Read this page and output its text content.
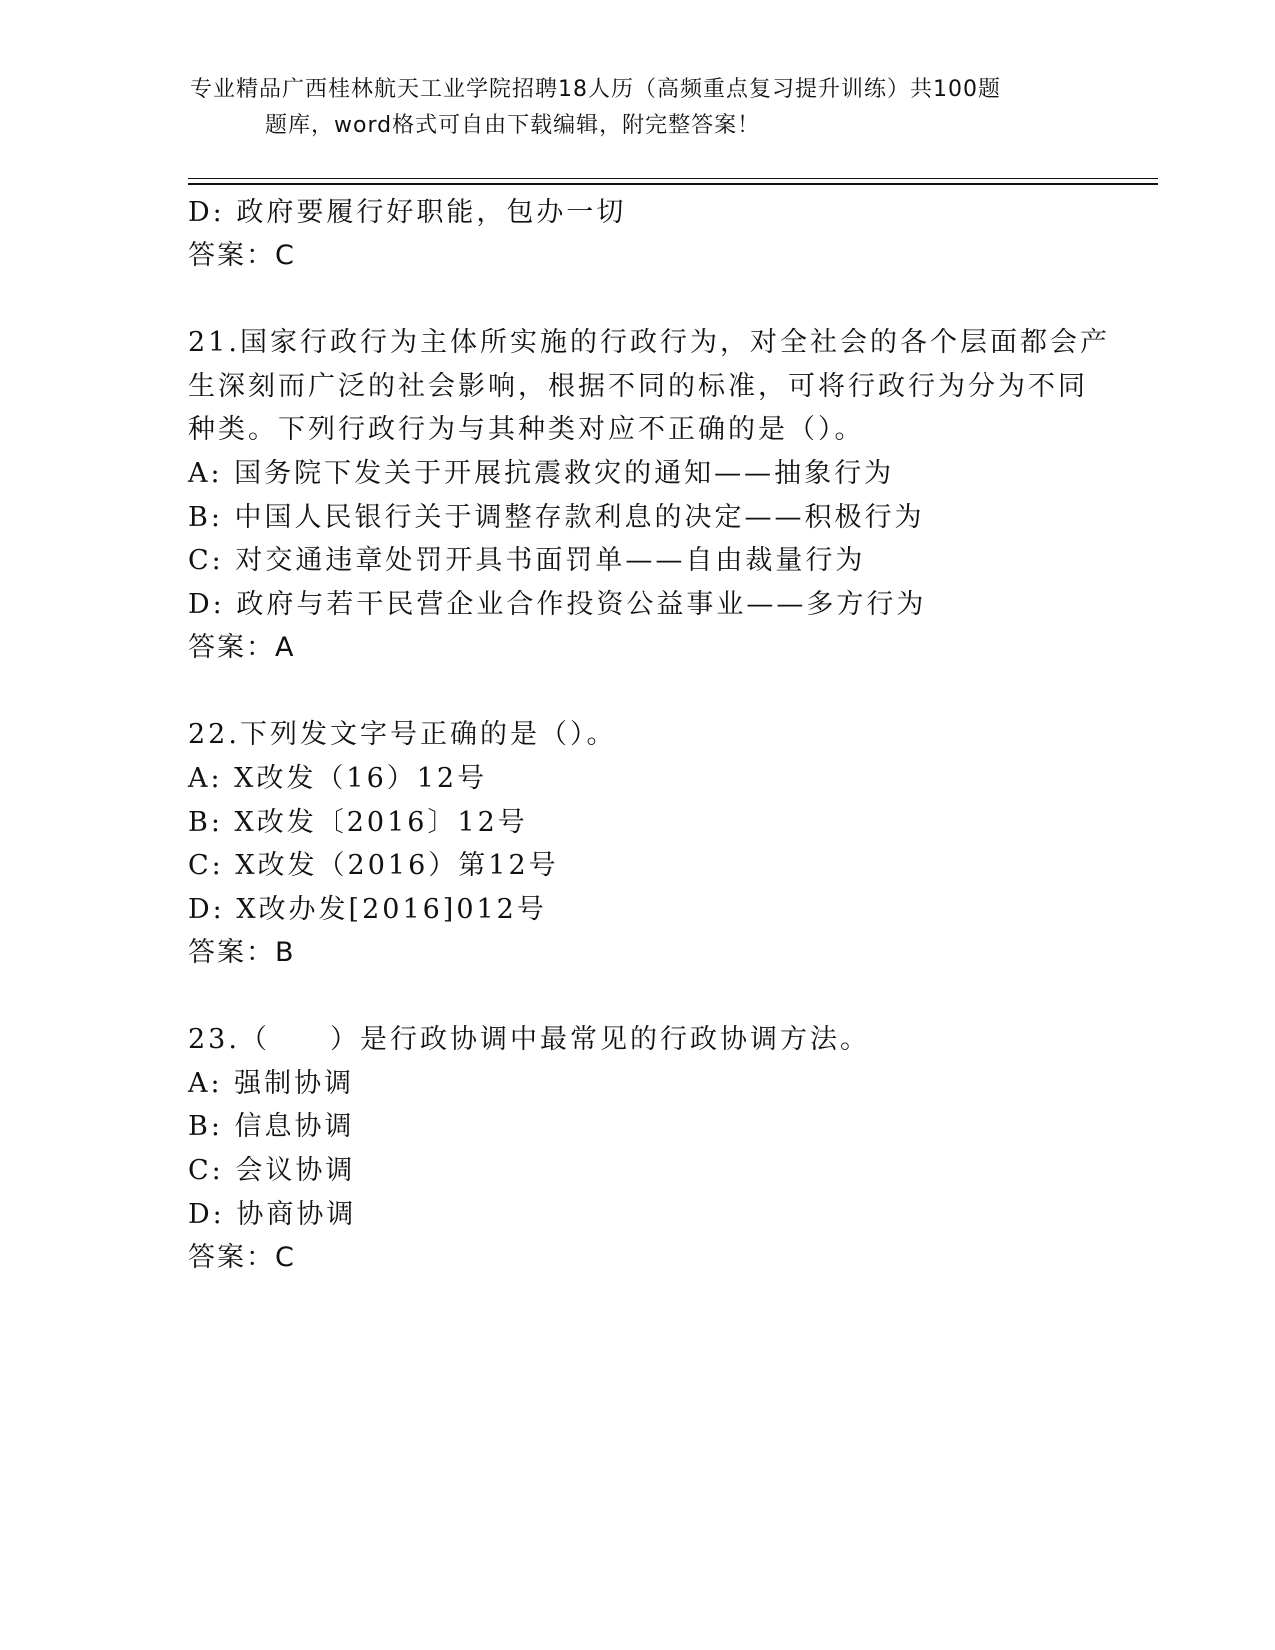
专业精品广西桂林航天工业学院招聘18人历（高频重点复习提升训练）共100题
题库，word格式可自由下载编辑，附完整答案！
D: 政府要履行好职能，包办一切
答案：C
21.国家行政行为主体所实施的行政行为，对全社会的各个层面都会产
生深刻而广泛的社会影响，根据不同的标准，可将行政行为分为不同
种类。下列行政行为与其种类对应不正确的是（）。
A: 国务院下发关于开展抗震救灾的通知——抽象行为
B: 中国人民银行关于调整存款利息的决定——积极行为
C: 对交通违章处罚开具书面罚单——自由裁量行为
D: 政府与若干民营企业合作投资公益事业——多方行为
答案：A
22.下列发文字号正确的是（）。
A: X改发（16）12号
B: X改发〔2016〕12号
C: X改发（2016）第12号
D: X改办发[2016]012号
答案：B
23.（　　）是行政协调中最常见的行政协调方法。
A: 强制协调
B: 信息协调
C: 会议协调
D: 协商协调
答案：C
